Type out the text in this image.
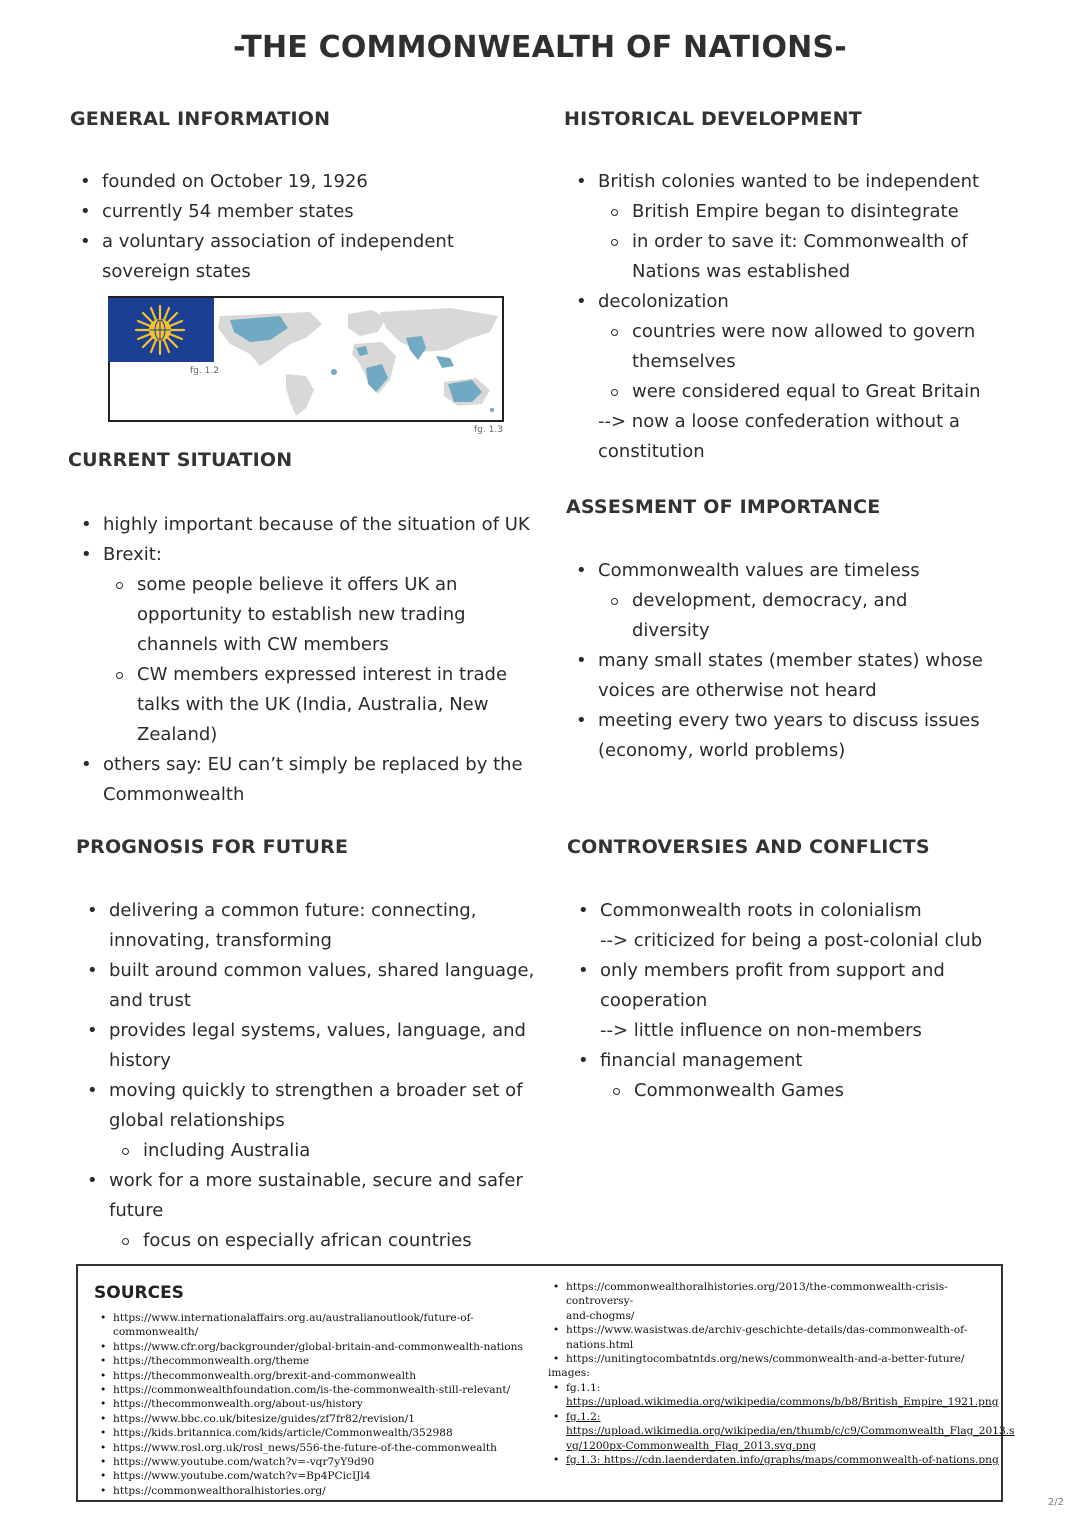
-THE COMMONWEALTH OF NATIONS-
GENERAL INFORMATION
• founded on October 19, 1926
• currently 54 member states
• a voluntary association of independent
sovereign states
fg. 1.2
fg. 1.3
CURRENT SITUATION
• highly important because of the situation of UK
• Brexit:
some people believe it offers UK an
opportunity to establish new trading
channels with CW members
CW members expressed interest in trade
talks with the UK (India, Australia, New
Zealand)
• others say: EU can’t simply be replaced by the
Commonwealth
PROGNOSIS FOR FUTURE
• delivering a common future: connecting,
innovating, transforming
• built around common values, shared language,
and trust
• provides legal systems, values, language, and
history
• moving quickly to strengthen a broader set of
global relationships
including Australia
• work for a more sustainable, secure and safer
future
focus on especially african countries
HISTORICAL DEVELOPMENT
• British colonies wanted to be independent
British Empire began to disintegrate
in order to save it: Commonwealth of
Nations was established
• decolonization
countries were now allowed to govern
themselves
were considered equal to Great Britain
--> now a loose confederation without a
constitution
ASSESMENT OF IMPORTANCE
• Commonwealth values are timeless
development, democracy, and
diversity
• many small states (member states) whose
voices are otherwise not heard
• meeting every two years to discuss issues
(economy, world problems)
CONTROVERSIES AND CONFLICTS
• Commonwealth roots in colonialism
--> criticized for being a post-colonial club
• only members profit from support and
cooperation
--> little influence on non-members
• financial management
Commonwealth Games
SOURCES
• https://www.internationalaffairs.org.au/australianoutlook/future-of-commonwealth/
• https://www.cfr.org/backgrounder/global-britain-and-commonwealth-nations
• https://thecommonwealth.org/theme
• https://thecommonwealth.org/brexit-and-commonwealth
• https://commonwealthfoundation.com/is-the-commonwealth-still-relevant/
• https://thecommonwealth.org/about-us/history
• https://www.bbc.co.uk/bitesize/guides/zf7fr82/revision/1
• https://kids.britannica.com/kids/article/Commonwealth/352988
• https://www.rosl.org.uk/rosl_news/556-the-future-of-the-commonwealth
• https://www.youtube.com/watch?v=-vqr7yY9d90
• https://www.youtube.com/watch?v=Bp4PCicIJl4
• https://commonwealthoralhistories.org/
• https://commonwealthoralhistories.org/2013/the-commonwealth-crisis-controversy-
and-chogms/
• https://www.wasistwas.de/archiv-geschichte-details/das-commonwealth-of-
nations.html
• https://unitingtocombatntds.org/news/commonwealth-and-a-better-future/
images:
• fg.1.1:
https://upload.wikimedia.org/wikipedia/commons/b/b8/British_Empire_1921.png
• fg.1.2:
https://upload.wikimedia.org/wikipedia/en/thumb/c/c9/Commonwealth_Flag_2013.s
vg/1200px-Commonwealth_Flag_2013.svg.png
• fg.1.3: https://cdn.laenderdaten.info/graphs/maps/commonwealth-of-nations.png
2/2
